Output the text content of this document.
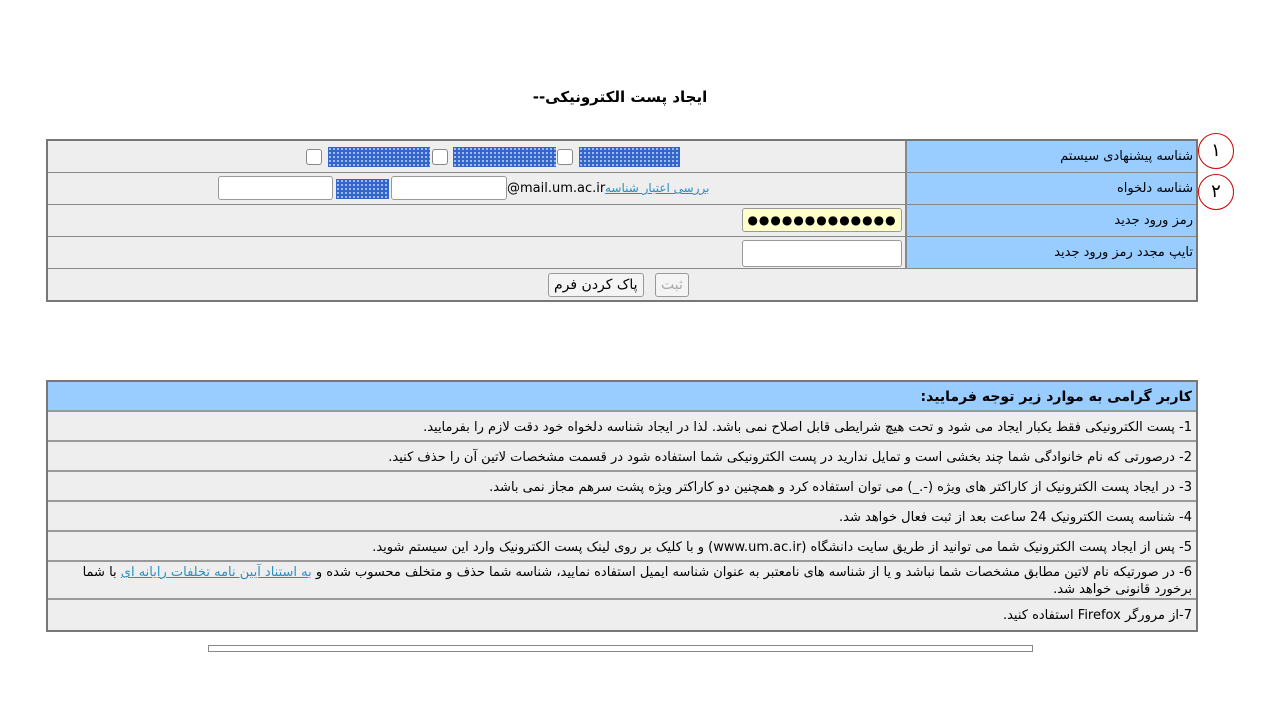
ایجاد پست الکترونیکی--
شناسه پیشنهادی سیستم
شناسه دلخواه
بررسی اعتبار شناسه
@mail.um.ac.ir
رمز ورود جدید
●●●●●●●●●●●●●
تایپ مجدد رمز ورود جدید
ثبت
پاک کردن فرم
١
٢
کاربر گرامی به موارد زیر توجه فرمایید:
1- پست الکترونیکی فقط یکبار ایجاد می شود و تحت هیچ شرایطی قابل اصلاح نمی باشد. لذا در ایجاد شناسه دلخواه خود دقت لازم را بفرمایید.
2- درصورتی که نام خانوادگی شما چند بخشی است و تمایل ندارید در پست الکترونیکی شما استفاده شود در قسمت مشخصات لاتین آن را حذف کنید.
3- در ایجاد پست الکترونیک از کاراکتر های ویژه (-._) می توان استفاده کرد و همچنین دو کاراکتر ویژه پشت سرهم مجاز نمی باشد.
4- شناسه پست الکترونیک 24 ساعت بعد از ثبت فعال خواهد شد.
5- پس از ایجاد پست الکترونیک شما می توانید از طریق سایت دانشگاه (www.um.ac.ir) و با کلیک بر روی لینک پست الکترونیک وارد این سیستم شوید.
6- در صورتیکه نام لاتین مطابق مشخصات شما نباشد و یا از شناسه های نامعتبر به عنوان شناسه ایمیل استفاده نمایید، شناسه شما حذف و متخلف محسوب شده و به استناد آیین نامه تخلفات رایانه ای با شما برخورد قانونی خواهد شد.
7-از مرورگر Firefox استفاده کنید.
